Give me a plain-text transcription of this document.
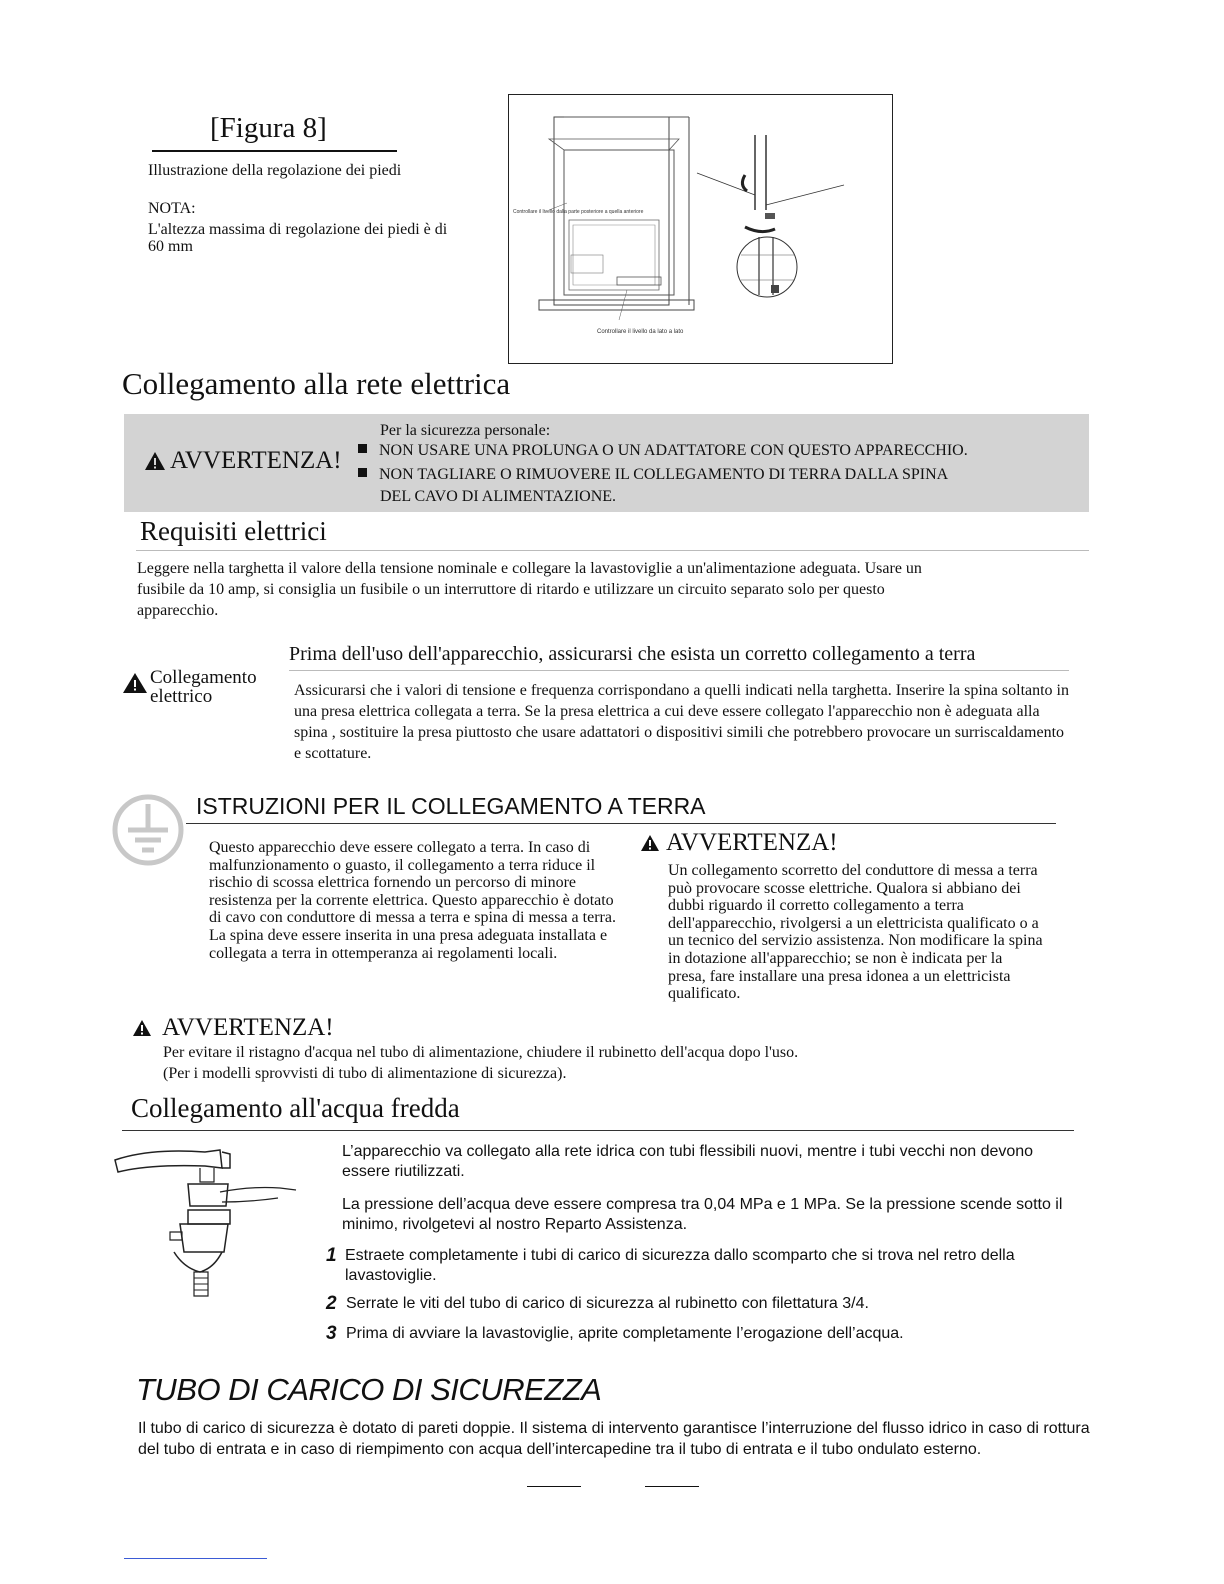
[Figura 8]
Illustrazione della regolazione dei piedi
NOTA:
L'altezza massima di regolazione dei piedi è di 60 mm
Controllare il livello dalla parte posteriore a quella anteriore
Controllare il livello da lato a lato
Collegamento alla rete elettrica
AVVERTENZA!
Per la sicurezza personale:
NON USARE UNA PROLUNGA O UN ADATTATORE CON QUESTO APPARECCHIO.
NON TAGLIARE O RIMUOVERE IL COLLEGAMENTO DI TERRA DALLA SPINA
DEL CAVO DI ALIMENTAZIONE.
Requisiti elettrici
Leggere nella targhetta il valore della tensione nominale e collegare la lavastoviglie a un'alimentazione adeguata. Usare un fusibile da 10 amp, si consiglia un fusibile o un interruttore di ritardo e utilizzare un circuito separato solo per questo apparecchio.
Prima dell'uso dell'apparecchio, assicurarsi che esista un corretto collegamento a terra
Collegamento elettrico	Assicurarsi che i valori di tensione e frequenza corrispondano a quelli indicati nella targhetta. Inserire la spina soltanto in una presa elettrica collegata a terra. Se la presa elettrica a cui deve essere collegato l'apparecchio non è adeguata alla spina , sostituire la presa piuttosto che usare adattatori o dispositivi simili che potrebbero provocare un surriscaldamento e scottature.
ISTRUZIONI PER IL COLLEGAMENTO A TERRA
Questo apparecchio deve essere collegato a terra. In caso di malfunzionamento o guasto, il collegamento a terra riduce il rischio di scossa elettrica fornendo un percorso di minore resistenza per la corrente elettrica. Questo apparecchio è dotato di cavo con conduttore di messa a terra e spina di messa a terra. La spina deve essere inserita in una presa adeguata installata e collegata a terra in ottemperanza ai regolamenti locali.
AVVERTENZA!
Un collegamento scorretto del conduttore di messa a terra può provocare scosse elettriche. Qualora si abbiano dei dubbi riguardo il corretto collegamento a terra dell'apparecchio, rivolgersi a un elettricista qualificato o a un tecnico del servizio assistenza. Non modificare la spina in dotazione all'apparecchio; se non è indicata per la presa, fare installare una presa idonea a un elettricista qualificato.
AVVERTENZA!
Per evitare il ristagno d'acqua nel tubo di alimentazione, chiudere il rubinetto dell'acqua dopo l'uso.
(Per i modelli sprovvisti di tubo di alimentazione di sicurezza).
Collegamento all'acqua fredda
L’apparecchio va collegato alla rete idrica con tubi flessibili nuovi, mentre i tubi vecchi non devono essere riutilizzati.
La pressione dell’acqua deve essere compresa tra 0,04 MPa e 1 MPa. Se la pressione scende sotto il minimo, rivolgetevi al nostro Reparto Assistenza.
1 Estraete completamente i tubi di carico di sicurezza dallo scomparto che si trova nel retro della lavastoviglie.
2 Serrate le viti del tubo di carico di sicurezza al rubinetto con filettatura 3/4.
3 Prima di avviare la lavastoviglie, aprite completamente l’erogazione dell’acqua.
TUBO DI CARICO DI SICUREZZA
Il tubo di carico di sicurezza è dotato di pareti doppie. Il sistema di intervento garantisce l’interruzione del flusso idrico in caso di rottura del tubo di entrata e in caso di riempimento con acqua dell’intercapedine tra il tubo di entrata e il tubo ondulato esterno.
